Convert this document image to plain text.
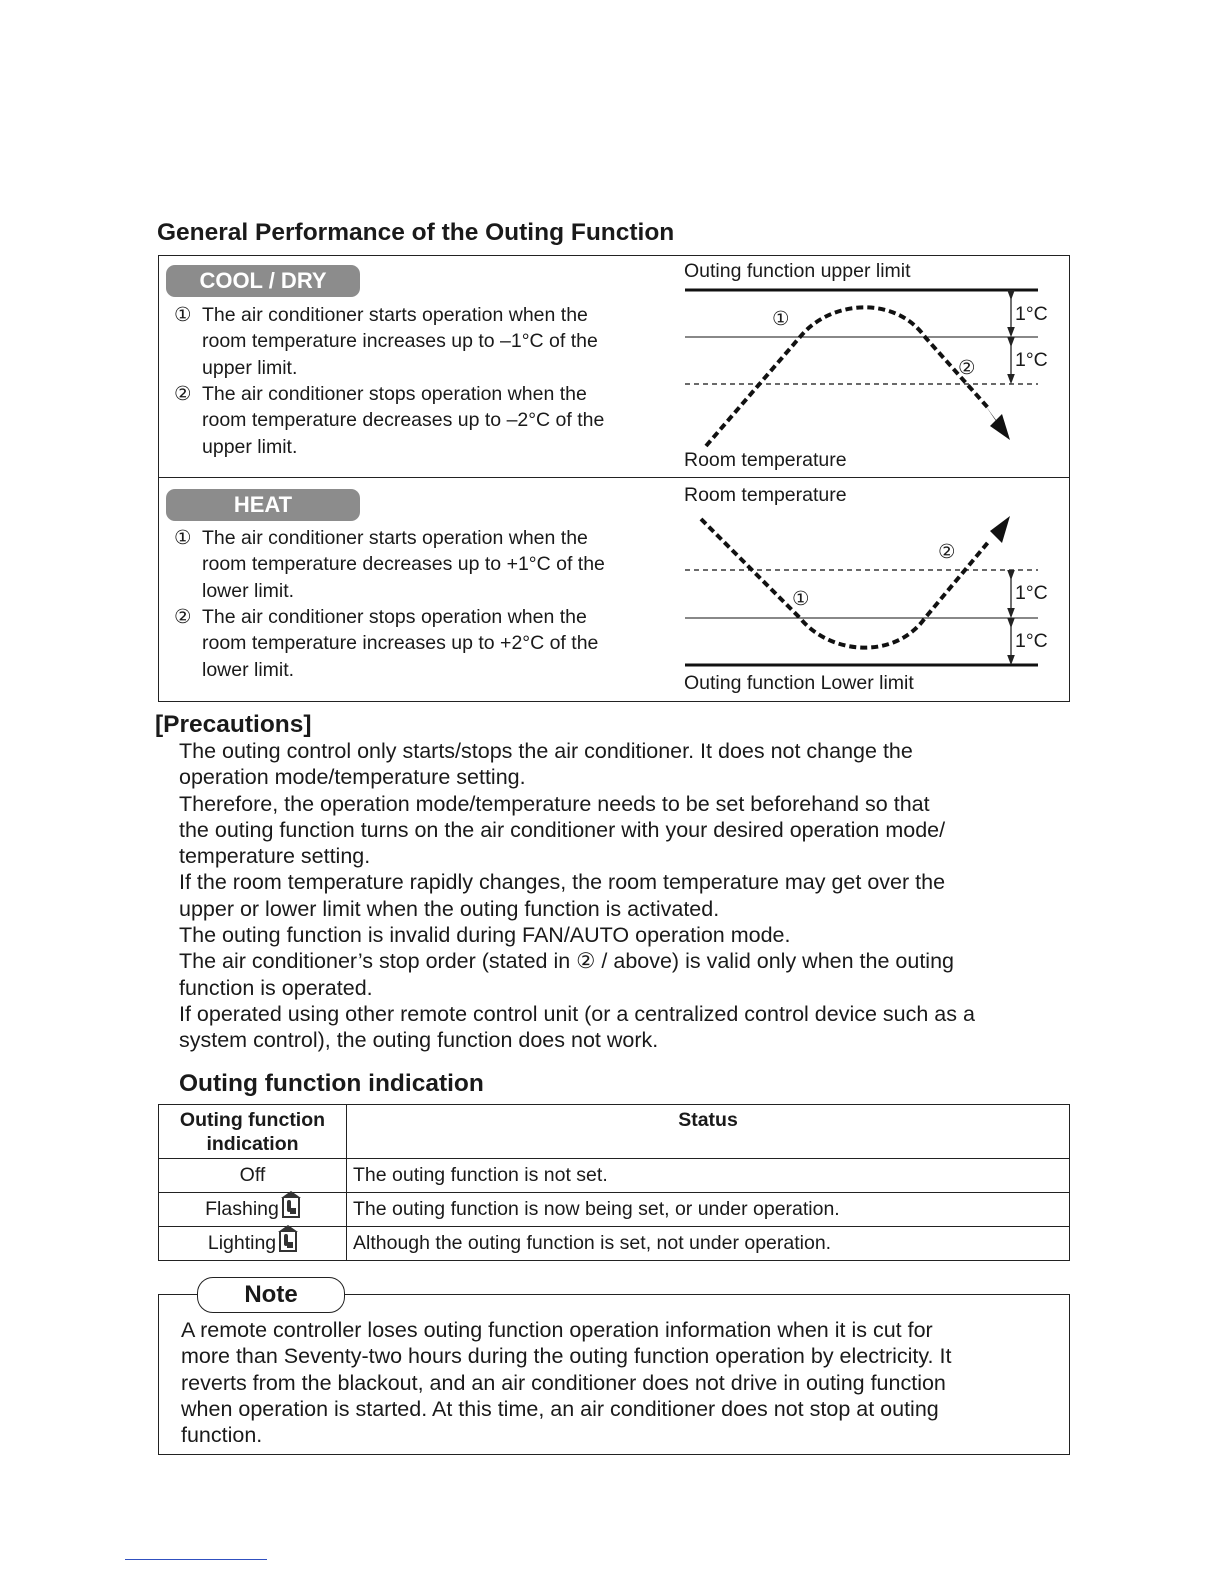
General Performance of the Outing Function
COOL / DRY
① The air conditioner starts operation when the
room temperature increases up to –1°C of the
upper limit.
② The air conditioner stops operation when the
room temperature decreases up to –2°C of the
upper limit.
HEAT
① The air conditioner starts operation when the
room temperature decreases up to +1°C of the
lower limit.
② The air conditioner stops operation when the
room temperature increases up to +2°C of the
lower limit.
Outing function upper limit
Room temperature
1°C
1°C
①
②
Room temperature
Outing function Lower limit
1°C
1°C
①
②
[Precautions]
The outing control only starts/stops the air conditioner. It does not change the
operation mode/temperature setting.
Therefore, the operation mode/temperature needs to be set beforehand so that
the outing function turns on the air conditioner with your desired operation mode/
temperature setting.
If the room temperature rapidly changes, the room temperature may get over the
upper or lower limit when the outing function is activated.
The outing function is invalid during FAN/AUTO operation mode.
The air conditioner’s stop order (stated in ② / above) is valid only when the outing
function is operated.
If operated using other remote control unit (or a centralized control device such as a
system control), the outing function does not work.
Outing function indication
Outing function indication	Status
Off	The outing function is not set.
Flashing	The outing function is now being set, or under operation.
Lighting	Although the outing function is set, not under operation.
Note
A remote controller loses outing function operation information when it is cut for
more than Seventy-two hours during the outing function operation by electricity. It
reverts from the blackout, and an air conditioner does not drive in outing function
when operation is started. At this time, an air conditioner does not stop at outing
function.
